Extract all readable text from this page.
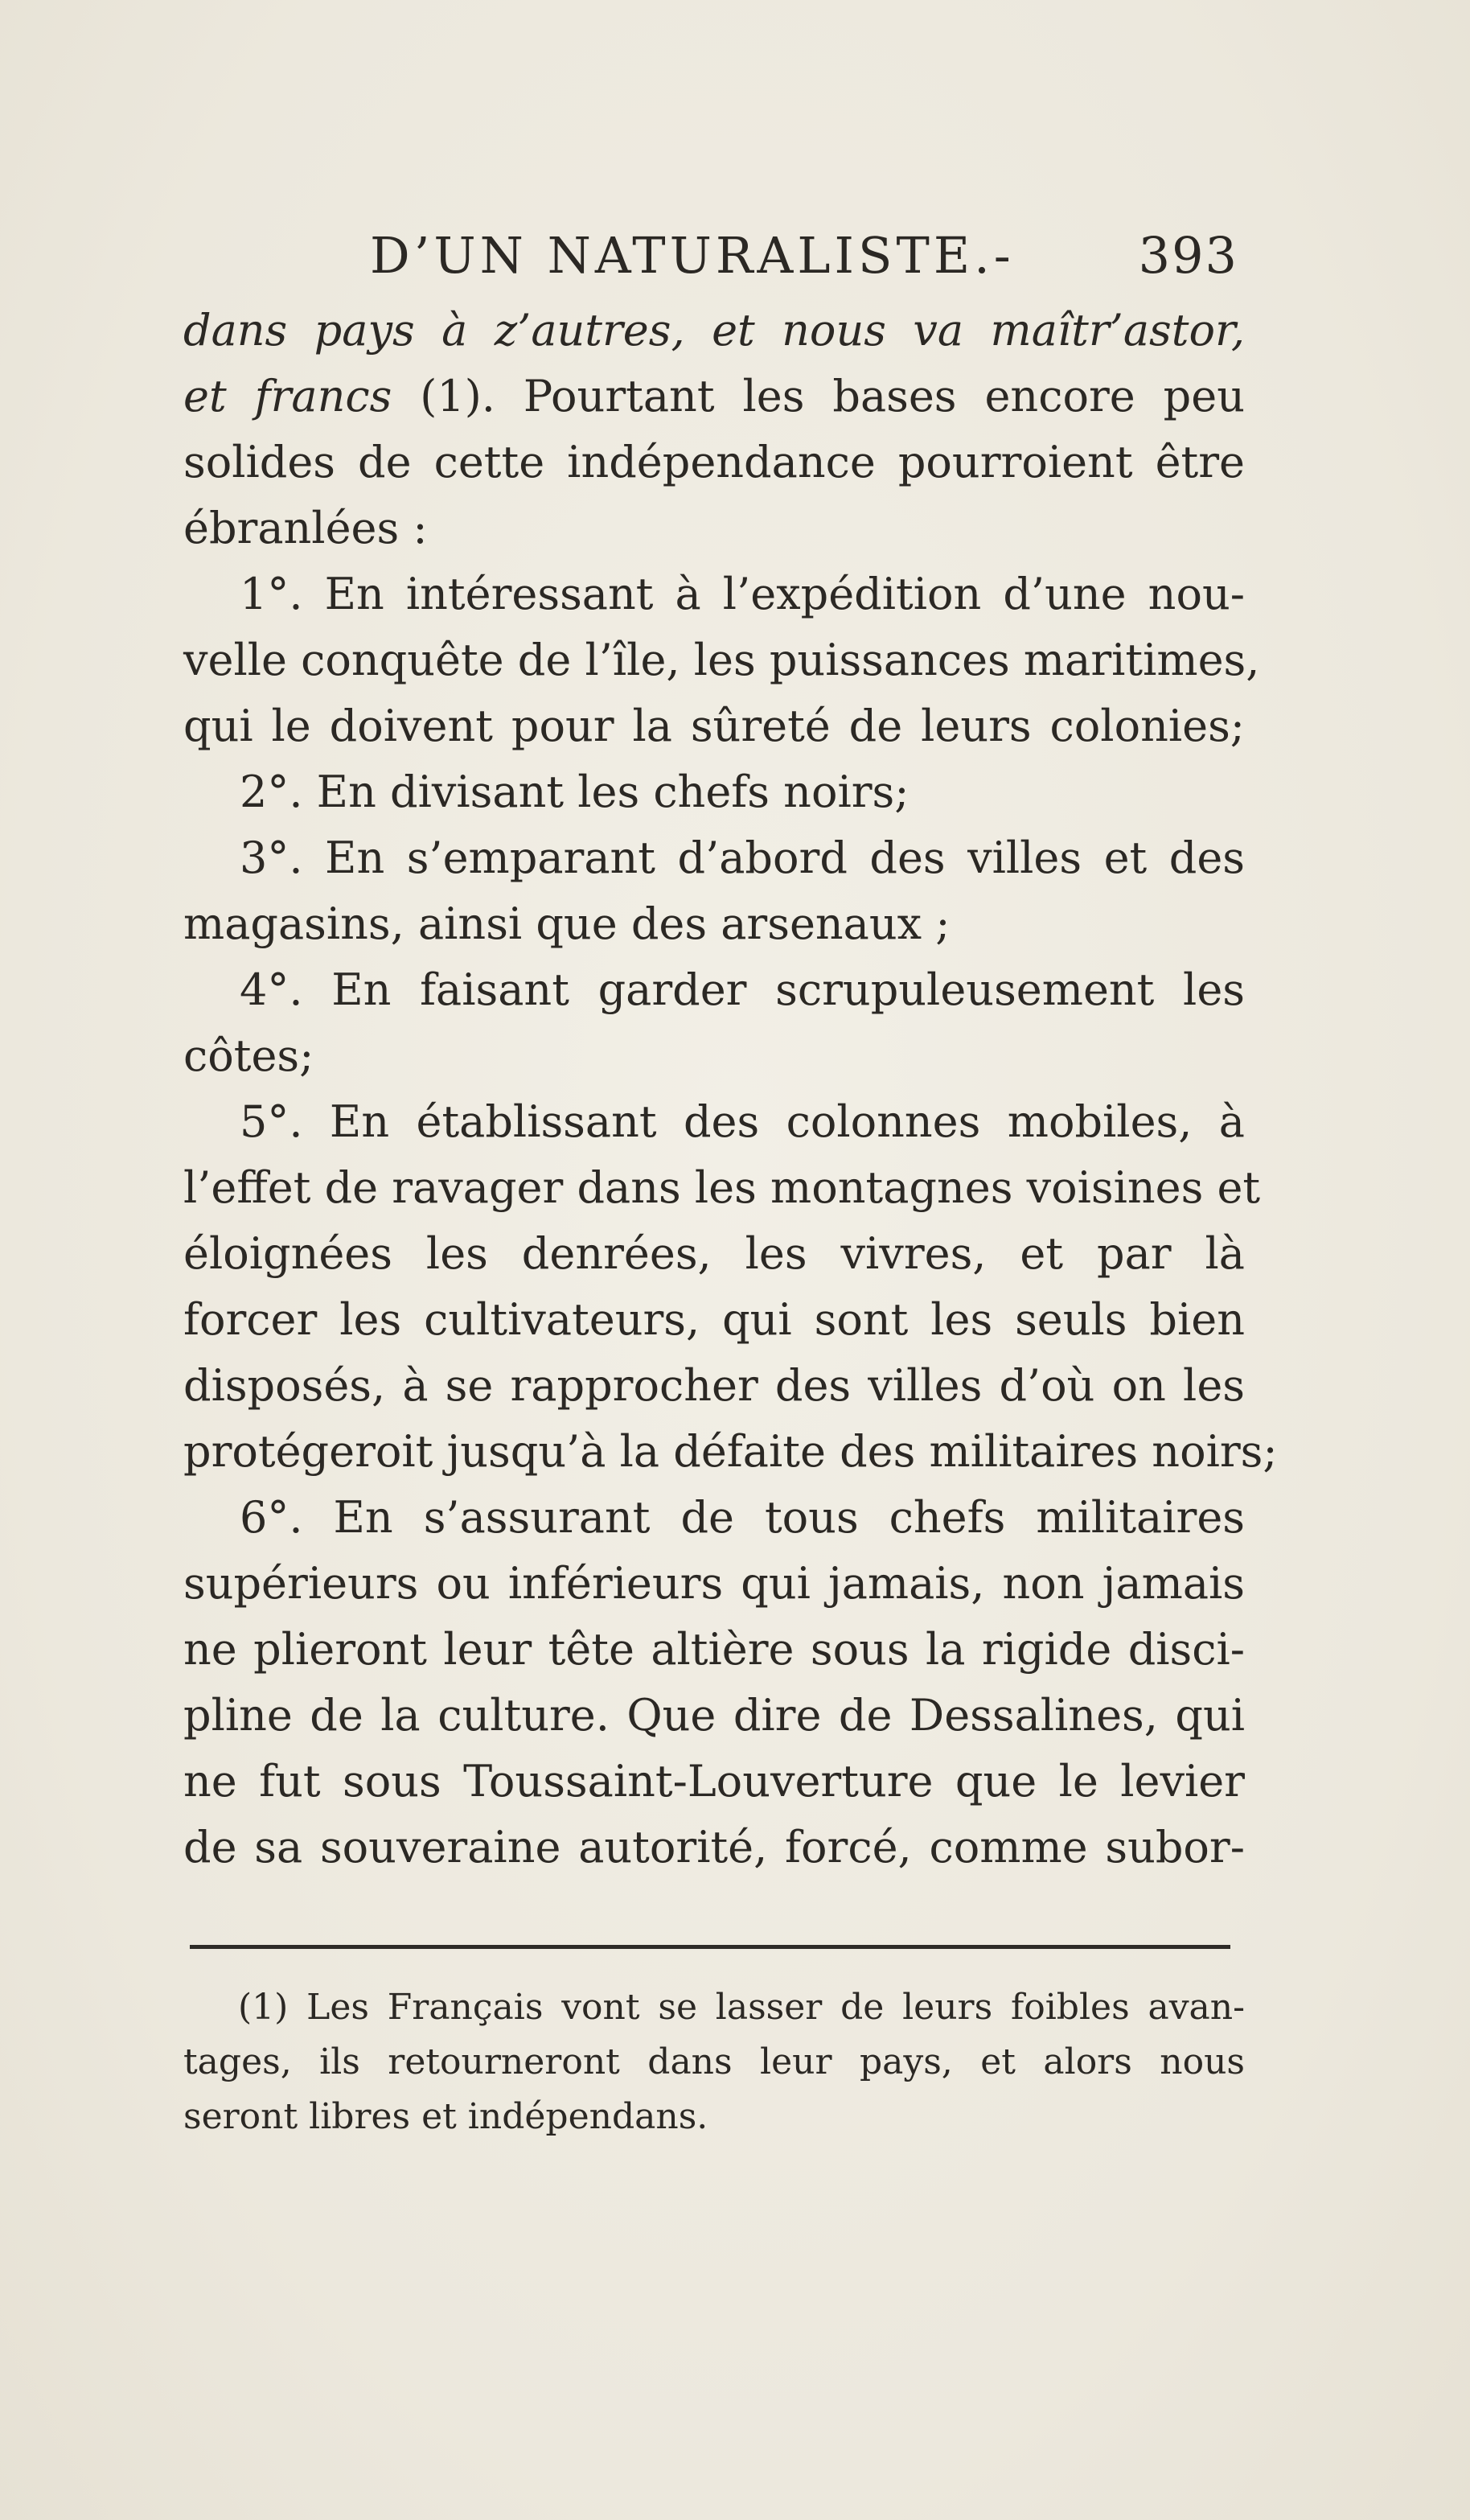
D’UN NATURALISTE.- 393
dans pays à z’autres, et nous va maîtr’astor,
et francs (1). Pourtant les bases encore peu
solides de cette indépendance pourroient être
ébranlées :
1°. En intéressant à l’expédition d’une nou-
velle conquête de l’île, les puissances maritimes,
qui le doivent pour la sûreté de leurs colonies;
2°. En divisant les chefs noirs;
3°. En s’emparant d’abord des villes et des
magasins, ainsi que des arsenaux ;
4°. En faisant garder scrupuleusement les
côtes;
5°. En établissant des colonnes mobiles, à
l’effet de ravager dans les montagnes voisines et
éloignées les denrées, les vivres, et par là
forcer les cultivateurs, qui sont les seuls bien
disposés, à se rapprocher des villes d’où on les
protégeroit jusqu’à la défaite des militaires noirs;
6°. En s’assurant de tous chefs militaires
supérieurs ou inférieurs qui jamais, non jamais
ne plieront leur tête altière sous la rigide disci-
pline de la culture. Que dire de Dessalines, qui
ne fut sous Toussaint-Louverture que le levier
de sa souveraine autorité, forcé, comme subor-
(1) Les Français vont se lasser de leurs foibles avan-
tages, ils retourneront dans leur pays, et alors nous
seront libres et indépendans.
